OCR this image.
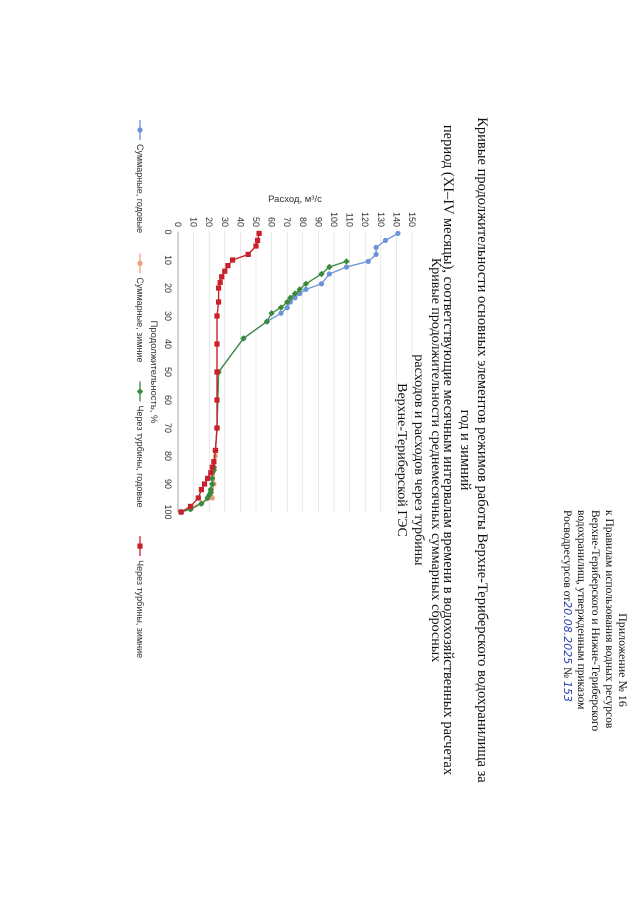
Приложение № 16
к Правилам использования водных ресурсов
Верхне-Териберского и Нижне-Териберского
водохранилищ, утвержденным приказом
Росводресурсов от20.08.2025 № 153
Кривые продолжительности основных элементов режимов работы Верхне-Териберского водохранилища за год и зимний
период (XI–IV месяцы), соответствующие месячным интервалам времени в водохозяйственных расчетах
Кривые продолжительности среднемесячных суммарных сбросных расходов и расходов через турбины
Верхне-Териберской ГЭС
0 10 20 30 40 50 60 70 80 90 100 110 120 130 140 150
0
10
20
30
40
50
60
70
80
90
100
Продолжительность, %
Расход, м³/с
Суммарные, годовые
Суммарные, зимние
Через турбины, годовые
Через турбины, зимние
